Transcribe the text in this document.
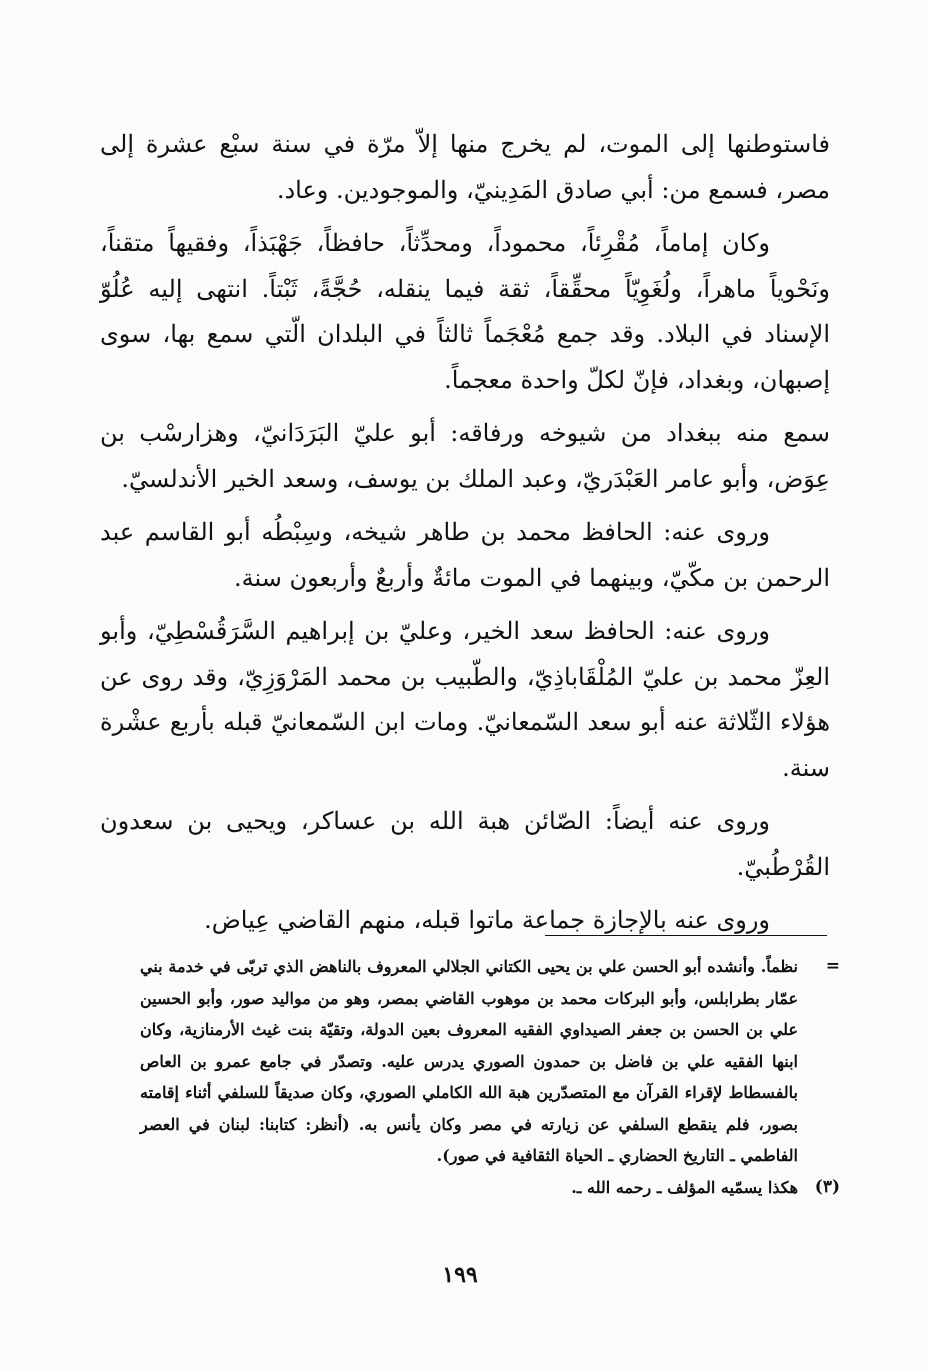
فاستوطنها إلى الموت، لم يخرج منها إلاّ مرّة في سنة سبْع عشرة إلى مصر، فسمع من: أبي صادق المَدِينيّ، والموجودين. وعاد.

وكان إماماً، مُقْرِئاً، محموداً، ومحدِّثاً، حافظاً، جَهْبَذاً، وفقيهاً متقناً، ونَحْوياً ماهراً، ولُغَوِيّاً محقِّقاً، ثقة فيما ينقله، حُجَّةً، ثَبْتاً. انتهى إليه عُلُوّ الإسناد في البلاد. وقد جمع مُعْجَماً ثالثاً في البلدان الّتي سمع بها، سوى إصبهان، وبغداد، فإنّ لكلّ واحدة معجماً.

سمع منه ببغداد من شيوخه ورفاقه: أبو عليّ البَرَدَانيّ، وهزارسْب بن عِوَض، وأبو عامر العَبْدَريّ، وعبد الملك بن يوسف، وسعد الخير الأندلسيّ.

وروى عنه: الحافظ محمد بن طاهر شيخه، وسِبْطُه أبو القاسم عبد الرحمن بن مكّيّ، وبينهما في الموت مائةٌ وأربعٌ وأربعون سنة.

وروى عنه: الحافظ سعد الخير، وعليّ بن إبراهيم السَّرَقُسْطِيّ، وأبو العِزّ محمد بن عليّ المُلْقَاباذِيّ، والطّبيب بن محمد المَرْوَزِيّ، وقد روى عن هؤلاء الثّلاثة عنه أبو سعد السّمعانيّ. ومات ابن السّمعانيّ قبله بأربع عشْرة سنة.

وروى عنه أيضاً: الصّائن هبة الله بن عساكر، ويحيى بن سعدون القُرْطُبيّ.

وروى عنه بالإجازة جماعة ماتوا قبله، منهم القاضي عِياض.

=
نظماً. وأنشده أبو الحسن علي بن يحيى الكتاني الجلالي المعروف بالناهض الذي تربّى في خدمة بني عمّار بطرابلس، وأبو البركات محمد بن موهوب القاضي بمصر، وهو من مواليد صور، وأبو الحسين علي بن الحسن بن جعفر الصيداوي الفقيه المعروف بعين الدولة، وتقيّة بنت غيث الأرمنازية، وكان ابنها الفقيه علي بن فاضل بن حمدون الصوري يدرس عليه. وتصدّر في جامع عمرو بن العاص بالفسطاط لإقراء القرآن مع المتصدّرين هبة الله الكاملي الصوري، وكان صديقاً للسلفي أثناء إقامته بصور، فلم ينقطع السلفي عن زيارته في مصر وكان يأنس به. (أنظر: كتابنا: لبنان في العصر الفاطمي ـ التاريخ الحضاري ـ الحياة الثقافية في صور).
(٣)
هكذا يسمّيه المؤلف ـ رحمه الله ـ.
١٩٩
